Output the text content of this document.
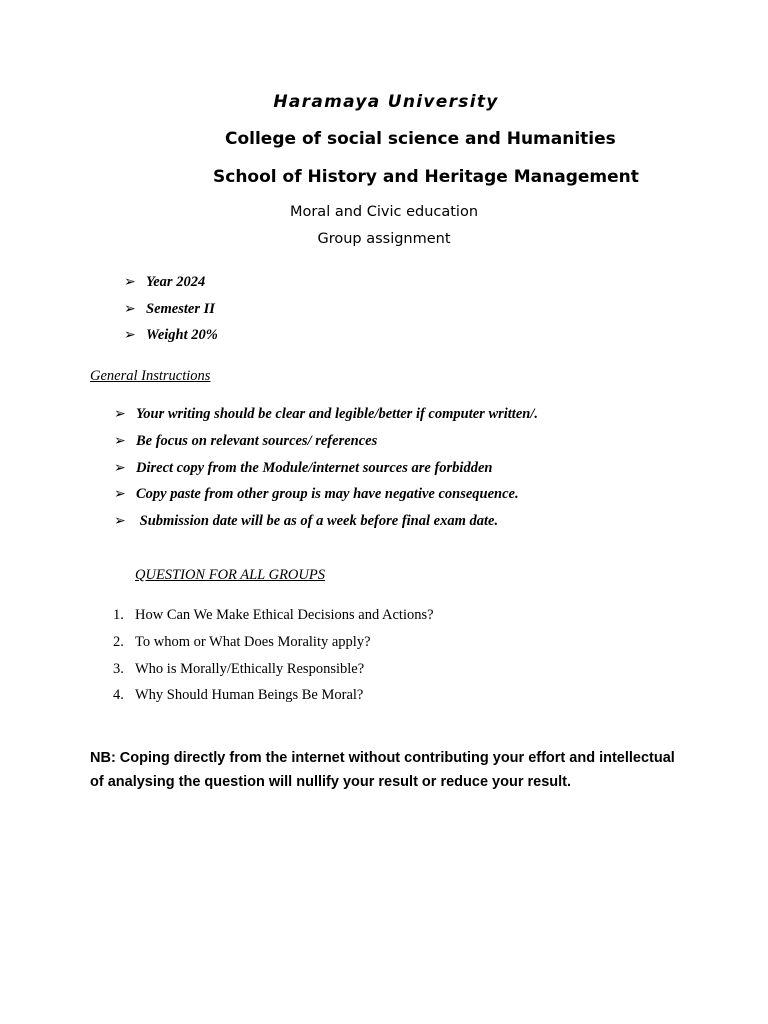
Haramaya University
College of social science and Humanities
School of History and Heritage Management
Moral and Civic education
Group assignment
➢ Year 2024
➢ Semester II
➢ Weight 20%
General Instructions
➢ Your writing should be clear and legible/better if computer written/.
➢ Be focus on relevant sources/ references
➢ Direct copy from the Module/internet sources are forbidden
➢ Copy paste from other group is may have negative consequence.
➢ Submission date will be as of a week before final exam date.
QUESTION FOR ALL GROUPS
1. How Can We Make Ethical Decisions and Actions?
2. To whom or What Does Morality apply?
3. Who is Morally/Ethically Responsible?
4. Why Should Human Beings Be Moral?
NB: Coping directly from the internet without contributing your effort and intellectual of analysing the question will nullify your result or reduce your result.
